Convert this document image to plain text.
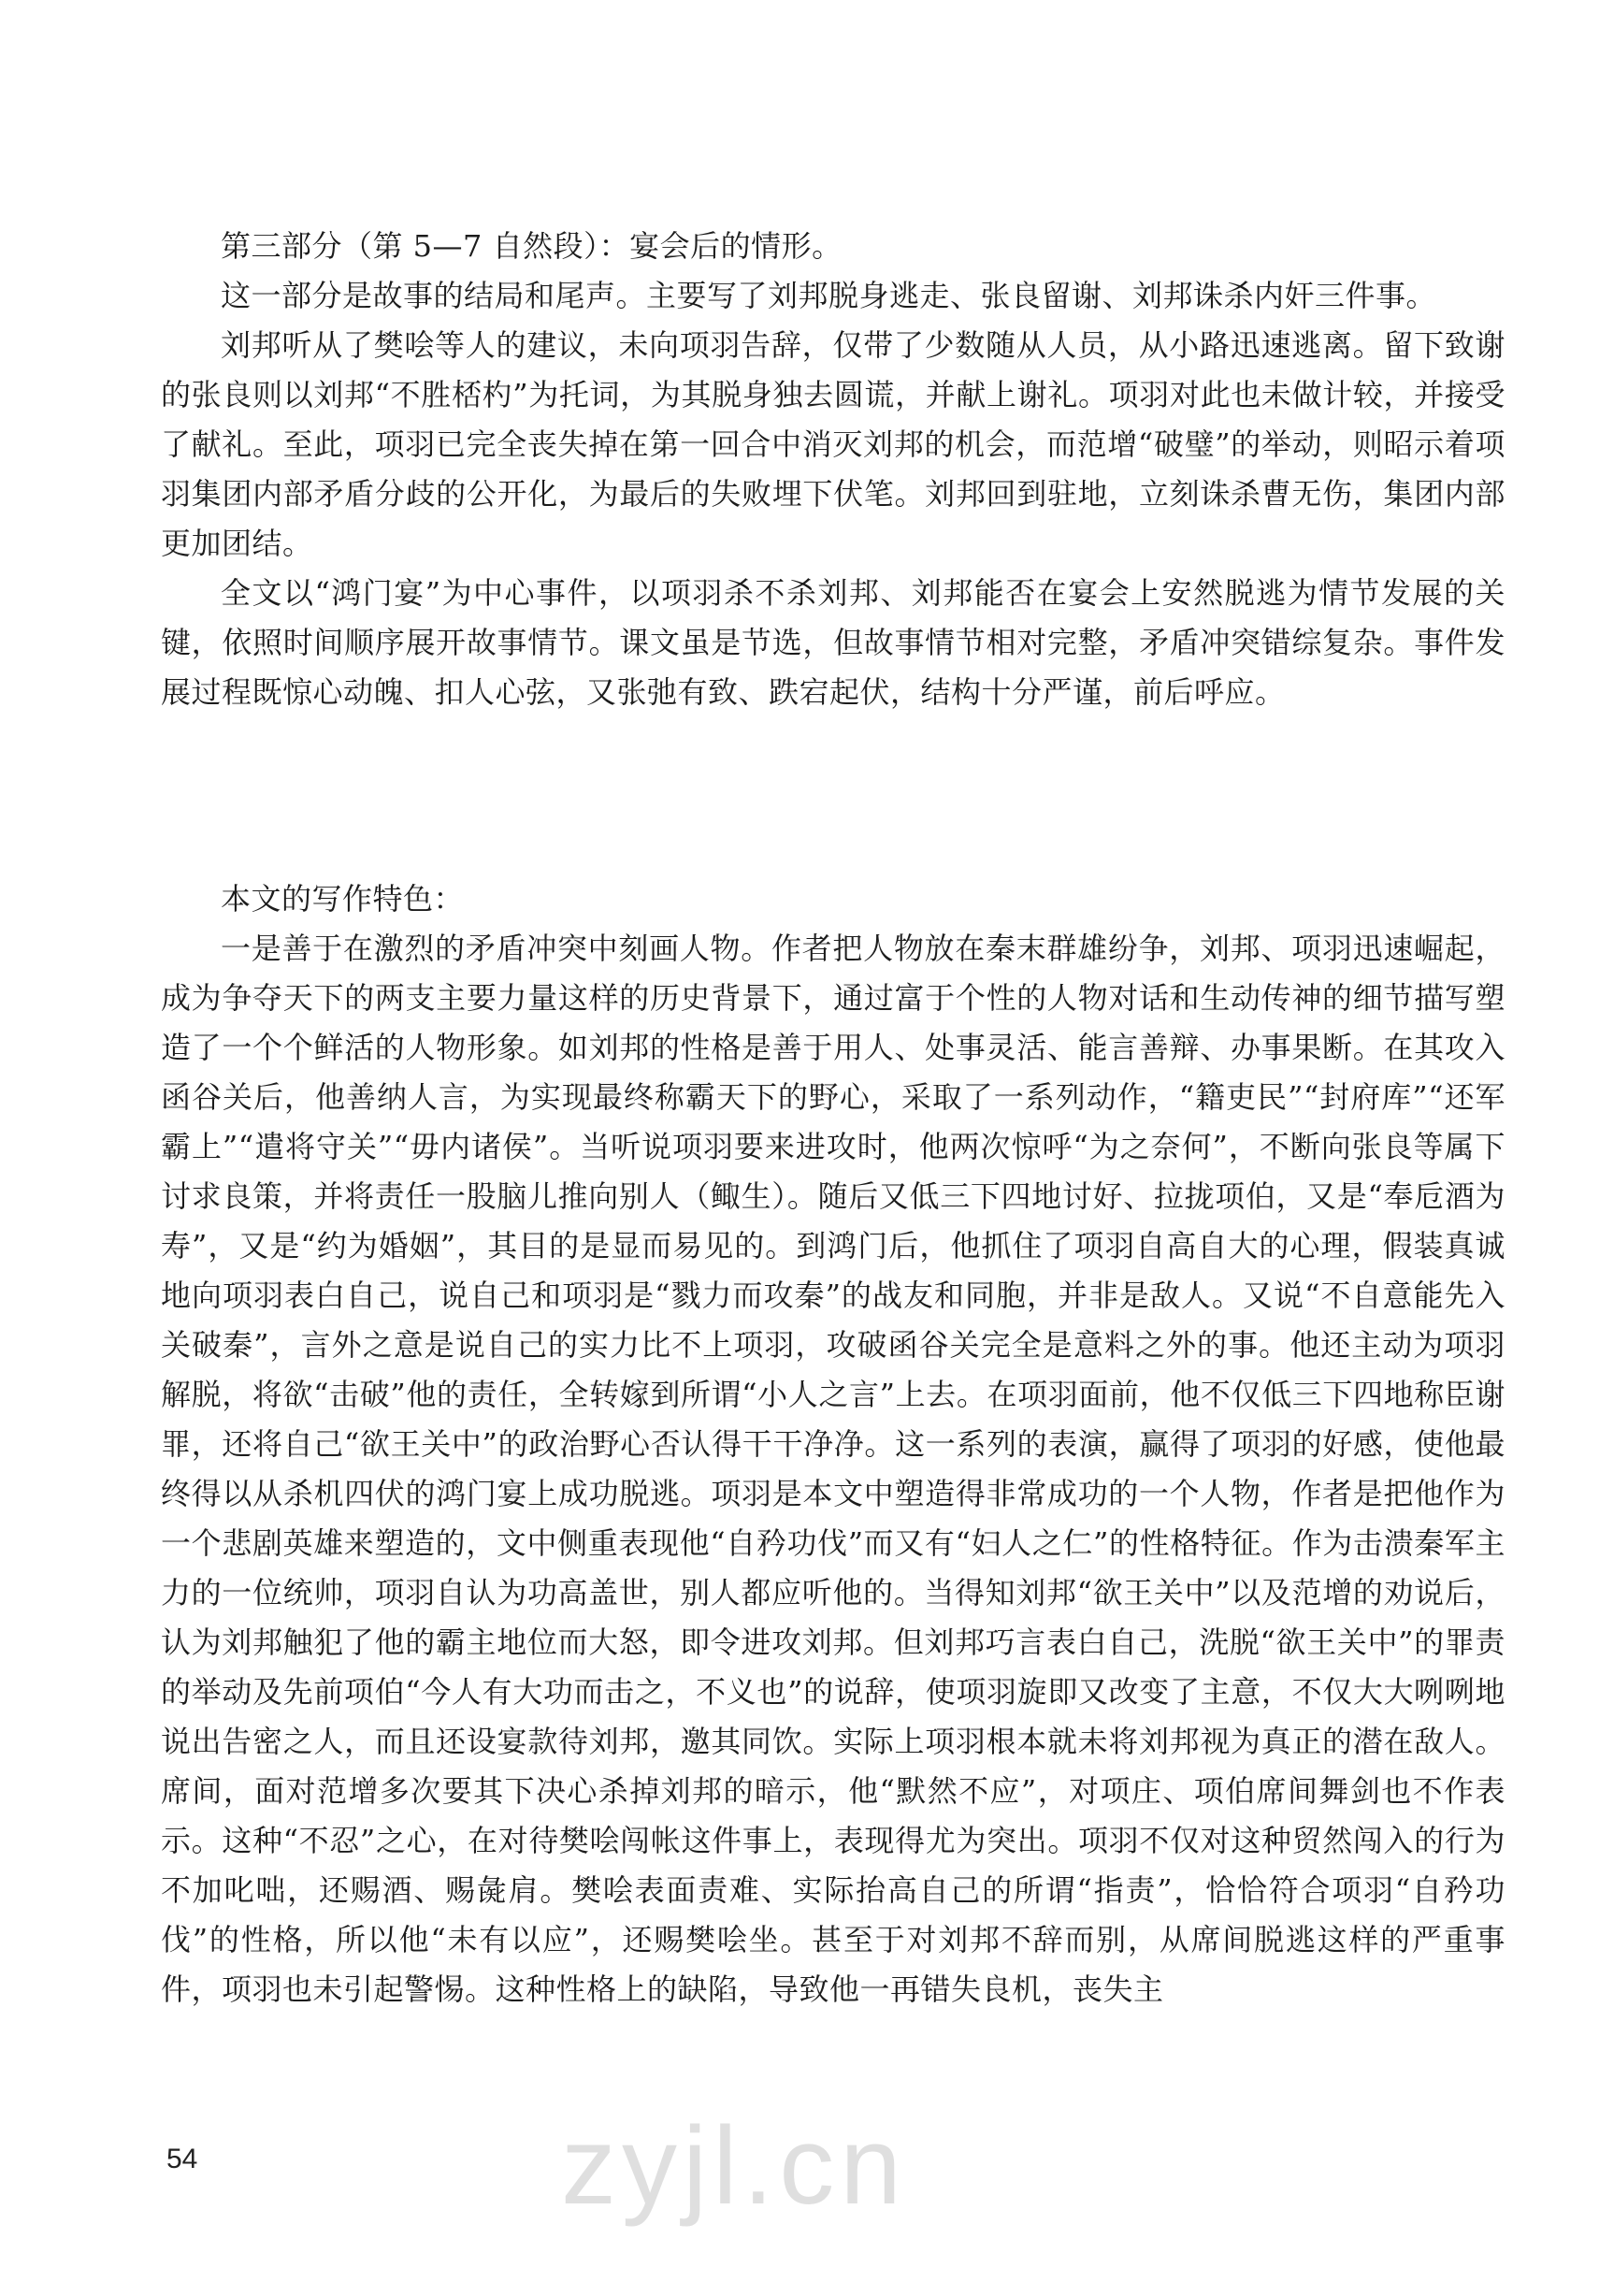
第三部分（第 5—7 自然段）：宴会后的情形。

这一部分是故事的结局和尾声。主要写了刘邦脱身逃走、张良留谢、刘邦诛杀内奸三件事。

刘邦听从了樊哙等人的建议，未向项羽告辞，仅带了少数随从人员，从小路迅速逃离。留下致谢的张良则以刘邦“不胜桮杓”为托词，为其脱身独去圆谎，并献上谢礼。项羽对此也未做计较，并接受了献礼。至此，项羽已完全丧失掉在第一回合中消灭刘邦的机会，而范增“破璧”的举动，则昭示着项羽集团内部矛盾分歧的公开化，为最后的失败埋下伏笔。刘邦回到驻地，立刻诛杀曹无伤，集团内部更加团结。

全文以“鸿门宴”为中心事件，以项羽杀不杀刘邦、刘邦能否在宴会上安然脱逃为情节发展的关键，依照时间顺序展开故事情节。课文虽是节选，但故事情节相对完整，矛盾冲突错综复杂。事件发展过程既惊心动魄、扣人心弦，又张弛有致、跌宕起伏，结构十分严谨，前后呼应。

本文的写作特色：

一是善于在激烈的矛盾冲突中刻画人物。作者把人物放在秦末群雄纷争，刘邦、项羽迅速崛起，成为争夺天下的两支主要力量这样的历史背景下，通过富于个性的人物对话和生动传神的细节描写塑造了一个个鲜活的人物形象。如刘邦的性格是善于用人、处事灵活、能言善辩、办事果断。在其攻入函谷关后，他善纳人言，为实现最终称霸天下的野心，采取了一系列动作，“籍吏民”“封府库”“还军霸上”“遣将守关”“毋内诸侯”。当听说项羽要来进攻时，他两次惊呼“为之奈何”，不断向张良等属下讨求良策，并将责任一股脑儿推向别人（鲰生）。随后又低三下四地讨好、拉拢项伯，又是“奉卮酒为寿”，又是“约为婚姻”，其目的是显而易见的。到鸿门后，他抓住了项羽自高自大的心理，假装真诚地向项羽表白自己，说自己和项羽是“戮力而攻秦”的战友和同胞，并非是敌人。又说“不自意能先入关破秦”，言外之意是说自己的实力比不上项羽，攻破函谷关完全是意料之外的事。他还主动为项羽解脱，将欲“击破”他的责任，全转嫁到所谓“小人之言”上去。在项羽面前，他不仅低三下四地称臣谢罪，还将自己“欲王关中”的政治野心否认得干干净净。这一系列的表演，赢得了项羽的好感，使他最终得以从杀机四伏的鸿门宴上成功脱逃。项羽是本文中塑造得非常成功的一个人物，作者是把他作为一个悲剧英雄来塑造的，文中侧重表现他“自矜功伐”而又有“妇人之仁”的性格特征。作为击溃秦军主力的一位统帅，项羽自认为功高盖世，别人都应听他的。当得知刘邦“欲王关中”以及范增的劝说后，认为刘邦触犯了他的霸主地位而大怒，即令进攻刘邦。但刘邦巧言表白自己，洗脱“欲王关中”的罪责的举动及先前项伯“今人有大功而击之，不义也”的说辞，使项羽旋即又改变了主意，不仅大大咧咧地说出告密之人，而且还设宴款待刘邦，邀其同饮。实际上项羽根本就未将刘邦视为真正的潜在敌人。席间，面对范增多次要其下决心杀掉刘邦的暗示，他“默然不应”，对项庄、项伯席间舞剑也不作表示。这种“不忍”之心，在对待樊哙闯帐这件事上，表现得尤为突出。项羽不仅对这种贸然闯入的行为不加叱咄，还赐酒、赐彘肩。樊哙表面责难、实际抬高自己的所谓“指责”，恰恰符合项羽“自矜功伐”的性格，所以他“未有以应”，还赐樊哙坐。甚至于对刘邦不辞而别，从席间脱逃这样的严重事件，项羽也未引起警惕。这种性格上的缺陷，导致他一再错失良机，丧失主

54	zyjl.cn
